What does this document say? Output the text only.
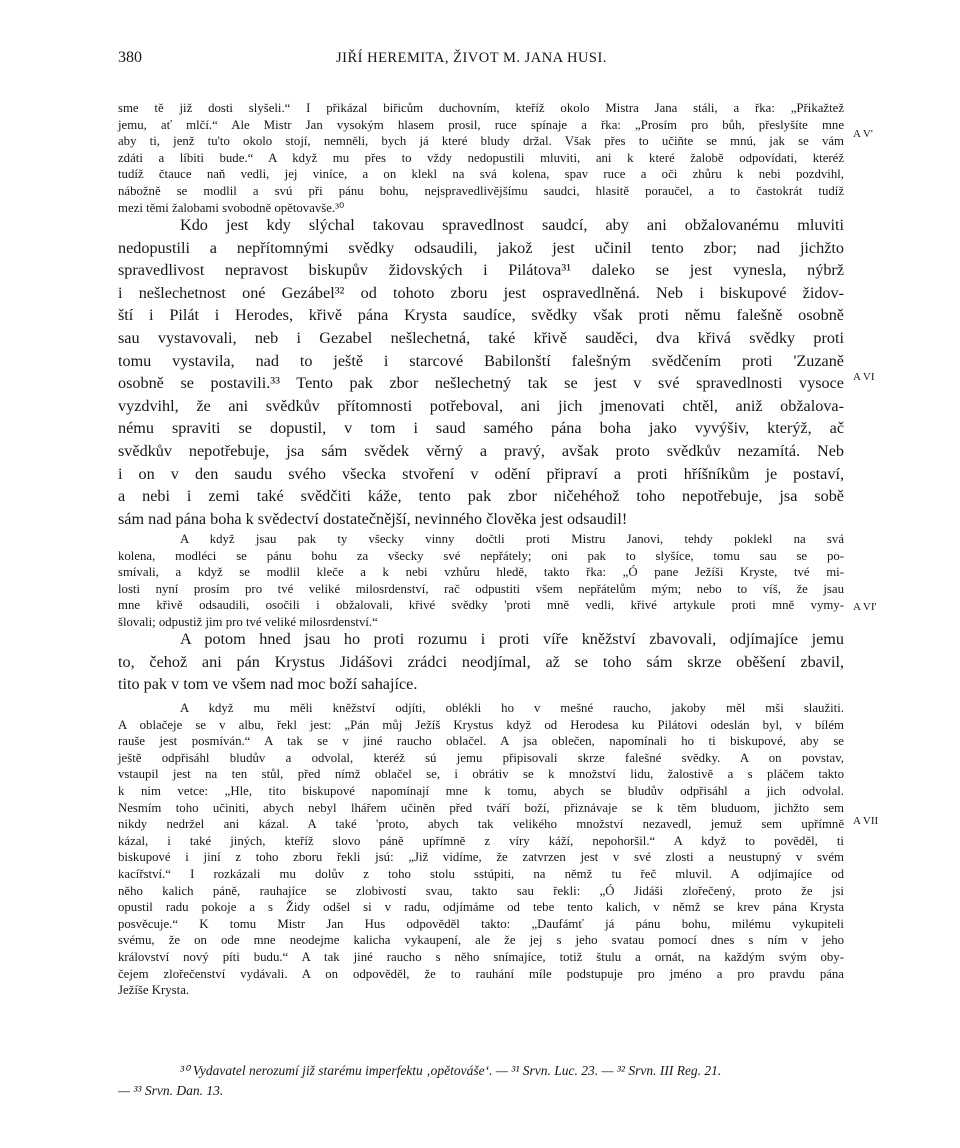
380	JIŘÍ HEREMITA, ŽIVOT M. JANA HUSI.
sme tě již dosti slyšeli.“ I přikázal biřicům duchovním, kteříž okolo Mistra Jana stáli, a řka: „Přikažtež
jemu, ať mlčí.“ Ale Mistr Jan vysokým hlasem prosil, ruce spínaje a řka: „Prosím pro bůh, přeslyšíte mne
aby ti, jenž tu'to okolo stojí, nemněli, bych já které bludy držal. Však přes to učiňte se mnú, jak se vám
zdáti a líbiti bude.“ A když mu přes to vždy nedopustili mluviti, ani k které žalobě odpovídati, kteréž
tudíž čtauce naň vedli, jej viníce, a on klekl na svá kolena, spav ruce a oči zhůru k nebi pozdvihl,
nábožně se modlil a svú při pánu bohu, nejspravedlivějšímu saudci, hlasitě poraučel, a to častokrát tudíž
mezi těmi žalobami svobodně opětovavše.³⁰
Kdo jest kdy slýchal takovau spravedlnost saudcí, aby ani obžalovanému mluviti
nedopustili a nepřítomnými svědky odsaudili, jakož jest učinil tento zbor; nad jichžto
spravedlivost nepravost biskupův židovských i Pilátova³¹ daleko se jest vynesla, nýbrž
i nešlechetnost oné Gezábel³² od tohoto zboru jest ospravedlněná. Neb i biskupové židov-
ští i Pilát i Herodes, křivě pána Krysta saudíce, svědky však proti němu falešně osobně
sau vystavovali, neb i Gezabel nešlechetná, také křivě sauděci, dva křivá svědky proti
tomu vystavila, nad to ještě i starcové Babilonští falešným svědčením proti 'Zuzaně
osobně se postavili.³³ Tento pak zbor nešlechetný tak se jest v své spravedlnosti vysoce
vyzdvihl, že ani svědkův přítomnosti potřeboval, ani jich jmenovati chtěl, aniž obžalova-
nému spraviti se dopustil, v tom i saud samého pána boha jako vyvýšiv, kterýž, ač
svědkův nepotřebuje, jsa sám svědek věrný a pravý, avšak proto svědkův nezamítá. Neb
i on v den saudu svého všecka stvoření v odění připraví a proti hříšníkům je postaví,
a nebi i zemi také svědčiti káže, tento pak zbor ničehéhož toho nepotřebuje, jsa sobě
sám nad pána boha k svědectví dostatečnější, nevinného člověka jest odsaudil!
A když jsau pak ty všecky vinny dočtli proti Mistru Janovi, tehdy poklekl na svá
kolena, modléci se pánu bohu za všecky své nepřátely; oni pak to slyšíce, tomu sau se po-
smívali, a když se modlil kleče a k nebi vzhůru hledě, takto řka: „Ó pane Ježíši Kryste, tvé mi-
losti nyní prosím pro tvé veliké milosrdenství, rač odpustiti všem nepřátelům mým; nebo to víš, že jsau
mne křivě odsaudili, osočili i obžalovali, křivé svědky 'proti mně vedli, křivé artykule proti mně vymy-
šlovali; odpustiž jim pro tvé veliké milosrdenství.“
A potom hned jsau ho proti rozumu i proti víře kněžství zbavovali, odjímajíce jemu
to, čehož ani pán Krystus Jidášovi zrádci neodjímal, až se toho sám skrze oběšení zbavil,
tito pak v tom ve všem nad moc boží sahajíce.
A když mu měli kněžství odjíti, oblékli ho v mešné raucho, jakoby měl mši slaužiti.
A oblačeje se v albu, řekl jest: „Pán můj Ježíš Krystus když od Herodesa ku Pilátovi odeslán byl, v bílém
rauše jest posmíván.“ A tak se v jiné raucho oblačel. A jsa oblečen, napomínali ho ti biskupové, aby se
ještě odpřisáhl bludův a odvolal, kteréž sú jemu připisovali skrze falešné svědky. A on povstav,
vstaupil jest na ten stůl, před nímž oblačel se, i obrátiv se k množství lidu, žalostivě a s pláčem takto
k nim vetce: „Hle, tito biskupové napomínají mne k tomu, abych se bludův odpřisáhl a jich odvolal.
Nesmím toho učiniti, abych nebyl lhářem učiněn před tváří boží, přiznávaje se k těm bluduom, jichžto sem
nikdy nedržel ani kázal. A také 'proto, abych tak velikého množství nezavedl, jemuž sem upřímně
kázal, i také jiných, kteříž slovo páně upřímně z víry káží, nepohoršil.“ A když to pověděl, ti
biskupové i jiní z toho zboru řekli jsú: „Již vidíme, že zatvrzen jest v své zlosti a neustupný v svém
kacířství.“ I rozkázali mu dolův z toho stolu sstúpiti, na němž tu řeč mluvil. A odjímajíce od
něho kalich páně, rauhajíce se zlobivostí svau, takto sau řekli: „Ó Jidáši zlořečený, proto že jsi
opustil radu pokoje a s Židy odšel si v radu, odjímáme od tebe tento kalich, v němž se krev pána Krysta
posvěcuje.“ K tomu Mistr Jan Hus odpověděl takto: „Daufámť já pánu bohu, milému vykupiteli
svému, že on ode mne neodejme kalicha vykaupení, ale že jej s jeho svatau pomocí dnes s ním v jeho
království nový píti budu.“ A tak jiné raucho s něho snímajíce, totiž štulu a ornát, na každým svým oby-
čejem zlořečenství vydávali. A on odpověděl, že to rauhání míle podstupuje pro jméno a pro pravdu pána
Ježíše Krysta.
A V'
A VI
A VI'
A VII
³⁰ Vydavatel nerozumí již starému imperfektu ‚opětováše‘. — ³¹ Srvn. Luc. 23. — ³² Srvn. III Reg. 21.
— ³³ Srvn. Dan. 13.
